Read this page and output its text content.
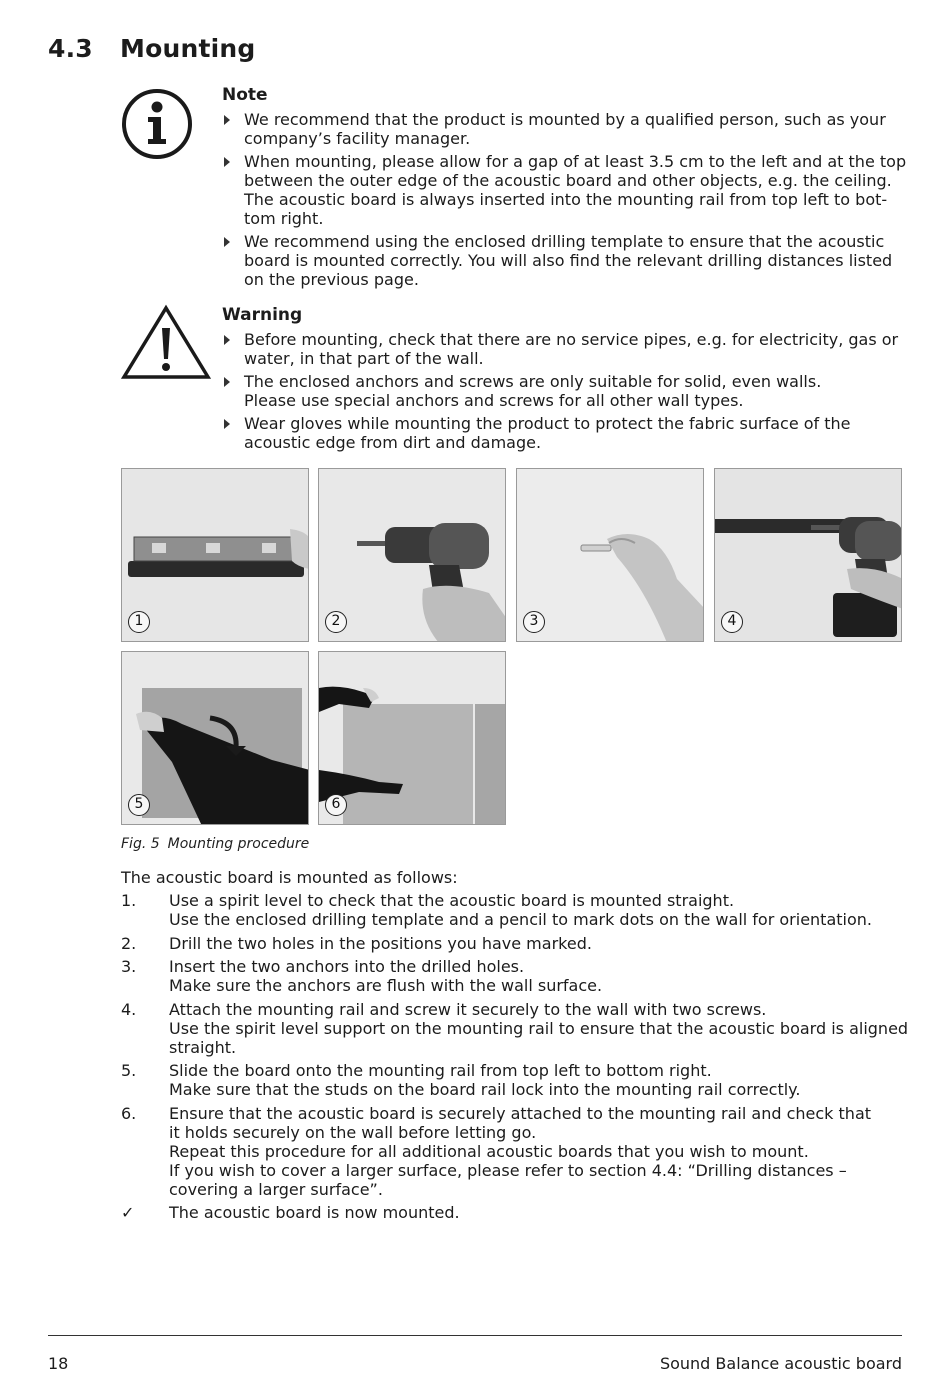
4.3 Mounting
Note
We recommend that the product is mounted by a qualified person, such as your company’s facility manager.
When mounting, please allow for a gap of at least 3.5 cm to the left and at the top between the outer edge of the acoustic board and other objects, e.g. the ceiling. The acoustic board is always inserted into the mounting rail from top left to bot-tom right.
We recommend using the enclosed drilling template to ensure that the acoustic board is mounted correctly. You will also find the relevant drilling distances listed on the previous page.
Warning
Before mounting, check that there are no service pipes, e.g. for electricity, gas or water, in that part of the wall.
The enclosed anchors and screws are only suitable for solid, even walls. Please use special anchors and screws for all other wall types.
Wear gloves while mounting the product to protect the fabric surface of the acoustic edge from dirt and damage.
1	2	3	4
5	6
Fig. 5 Mounting procedure
The acoustic board is mounted as follows:
1. Use a spirit level to check that the acoustic board is mounted straight.
Use the enclosed drilling template and a pencil to mark dots on the wall for orientation.
2. Drill the two holes in the positions you have marked.
3. Insert the two anchors into the drilled holes.
Make sure the anchors are flush with the wall surface.
4. Attach the mounting rail and screw it securely to the wall with two screws.
Use the spirit level support on the mounting rail to ensure that the acoustic board is aligned straight.
5. Slide the board onto the mounting rail from top left to bottom right.
Make sure that the studs on the board rail lock into the mounting rail correctly.
6. Ensure that the acoustic board is securely attached to the mounting rail and check that it holds securely on the wall before letting go.
Repeat this procedure for all additional acoustic boards that you wish to mount.
If you wish to cover a larger surface, please refer to section 4.4: “Drilling distances – covering a larger surface”.
✓ The acoustic board is now mounted.
18	Sound Balance acoustic board
